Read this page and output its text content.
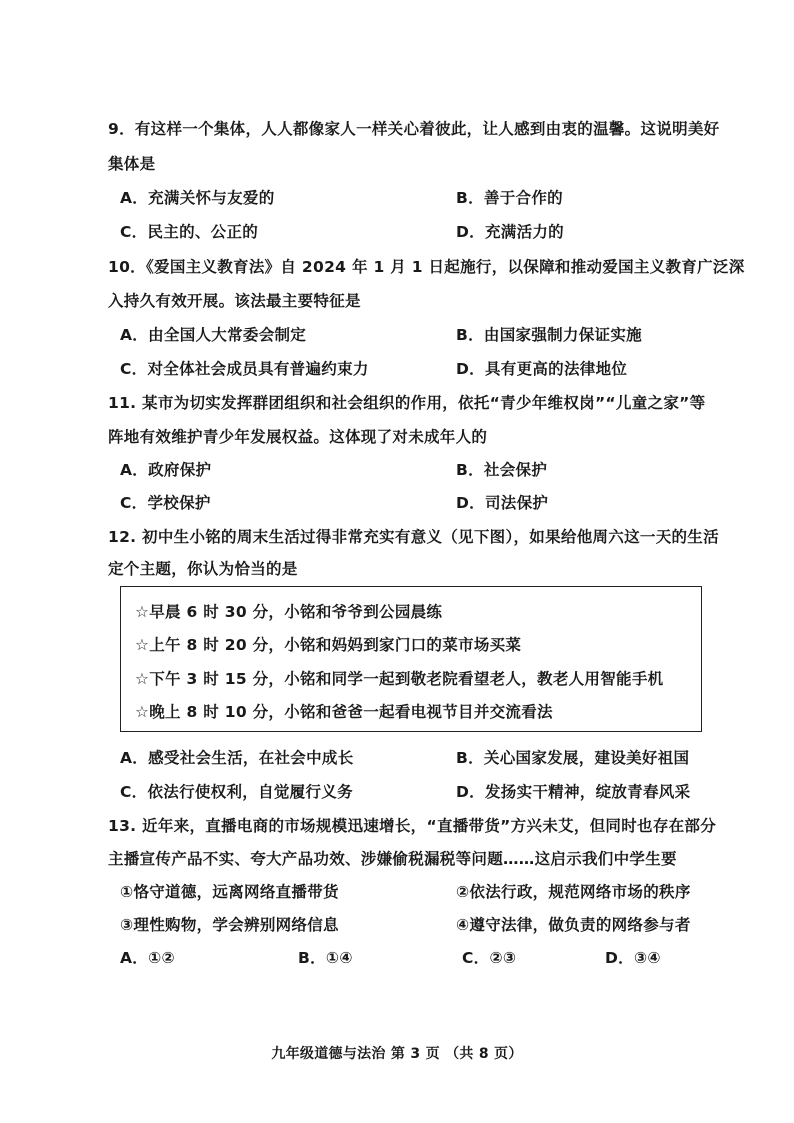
9．有这样一个集体，人人都像家人一样关心着彼此，让人感到由衷的温馨。这说明美好
集体是
A．充满关怀与友爱的	B．善于合作的
C．民主的、公正的	D．充满活力的
10．《爱国主义教育法》自 2024 年 1 月 1 日起施行，以保障和推动爱国主义教育广泛深
入持久有效开展。该法最主要特征是
A．由全国人大常委会制定	B．由国家强制力保证实施
C．对全体社会成员具有普遍约束力	D．具有更高的法律地位
11. 某市为切实发挥群团组织和社会组织的作用，依托“青少年维权岗”“儿童之家”等
阵地有效维护青少年发展权益。这体现了对未成年人的
A．政府保护	B．社会保护
C．学校保护	D．司法保护
12. 初中生小铭的周末生活过得非常充实有意义（见下图），如果给他周六这一天的生活
定个主题，你认为恰当的是
☆早晨 6 时 30 分，小铭和爷爷到公园晨练
☆上午 8 时 20 分，小铭和妈妈到家门口的菜市场买菜
☆下午 3 时 15 分，小铭和同学一起到敬老院看望老人，教老人用智能手机
☆晚上 8 时 10 分，小铭和爸爸一起看电视节目并交流看法
A．感受社会生活，在社会中成长	B．关心国家发展，建设美好祖国
C．依法行使权利，自觉履行义务	D．发扬实干精神，绽放青春风采
13. 近年来，直播电商的市场规模迅速增长，“直播带货”方兴未艾，但同时也存在部分
主播宣传产品不实、夸大产品功效、涉嫌偷税漏税等问题……这启示我们中学生要
①恪守道德，远离网络直播带货	②依法行政，规范网络市场的秩序
③理性购物，学会辨别网络信息	④遵守法律，做负责的网络参与者
A．①②	B．①④	C．②③	D．③④
九年级道德与法治 第 3 页 （共 8 页）
